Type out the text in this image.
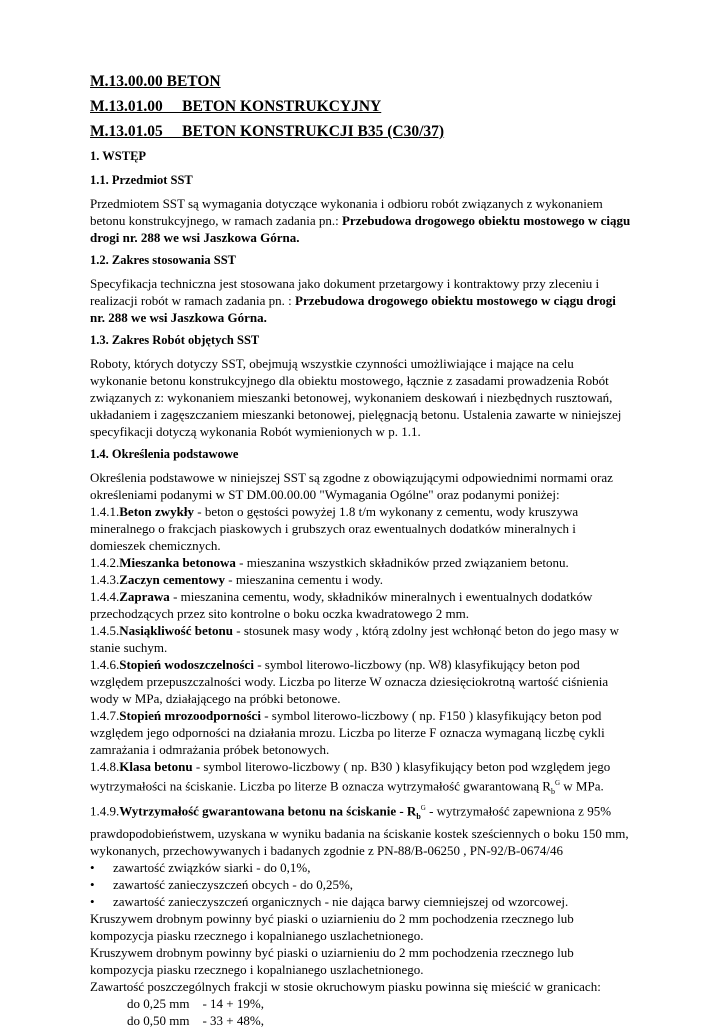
M.13.00.00 BETON
M.13.01.00     BETON KONSTRUKCYJNY
M.13.01.05     BETON KONSTRUKCJI B35 (C30/37)
1. WSTĘP
1.1. Przedmiot SST

Przedmiotem SST są wymagania dotyczące wykonania i odbioru robót związanych z wykonaniem betonu konstrukcyjnego, w ramach zadania pn.: Przebudowa drogowego obiektu mostowego w ciągu drogi nr. 288 we wsi Jaszkowa Górna.

1.2. Zakres stosowania SST

Specyfikacja techniczna jest stosowana jako dokument przetargowy i kontraktowy przy zleceniu i realizacji robót w ramach zadania pn. : Przebudowa drogowego obiektu mostowego w ciągu drogi nr. 288 we wsi Jaszkowa Górna.

1.3. Zakres Robót objętych SST

Roboty, których dotyczy SST, obejmują wszystkie czynności umożliwiające i mające na celu wykonanie betonu konstrukcyjnego dla obiektu mostowego, łącznie z zasadami prowadzenia Robót związanych z: wykonaniem mieszanki betonowej, wykonaniem deskowań i niezbędnych rusztowań, układaniem i zagęszczaniem mieszanki betonowej, pielęgnacją betonu. Ustalenia zawarte w niniejszej specyfikacji dotyczą wykonania Robót wymienionych w p. 1.1.

1.4. Określenia podstawowe
Określenia podstawowe w niniejszej SST są zgodne z obowiązującymi odpowiednimi normami oraz określeniami podanymi w ST DM.00.00.00 "Wymagania Ogólne" oraz podanymi poniżej:
1.4.1.Beton zwykły - beton o gęstości powyżej 1.8 t/m wykonany z cementu, wody kruszywa mineralnego o frakcjach piaskowych i grubszych oraz ewentualnych dodatków mineralnych i domieszek chemicznych.
1.4.2.Mieszanka betonowa - mieszanina wszystkich składników przed związaniem betonu.
1.4.3.Zaczyn cementowy - mieszanina cementu i wody.
1.4.4.Zaprawa - mieszanina cementu, wody, składników mineralnych i ewentualnych dodatków przechodzących przez sito kontrolne o boku oczka kwadratowego 2 mm.
1.4.5.Nasiąkliwość betonu - stosunek masy wody , którą zdolny jest wchłonąć beton do jego masy w stanie suchym.
1.4.6.Stopień wodoszczelności - symbol literowo-liczbowy (np. W8) klasyfikujący beton pod względem przepuszczalności wody. Liczba po literze W oznacza dziesięciokrotną wartość ciśnienia wody w MPa, działającego na próbki betonowe.
1.4.7.Stopień mrozoodporności - symbol literowo-liczbowy ( np. F150 ) klasyfikujący beton pod względem jego odporności na działania mrozu. Liczba po literze F oznacza wymaganą liczbę cykli zamrażania i odmrażania próbek betonowych.
1.4.8.Klasa betonu - symbol literowo-liczbowy ( np. B30 ) klasyfikujący beton pod względem jego wytrzymałości na ściskanie. Liczba po literze B oznacza wytrzymałość gwarantowaną $R_b^G$ w MPa.
1.4.9.Wytrzymałość gwarantowana betonu na ściskanie - $R_b^G$ - wytrzymałość zapewniona z 95% prawdopodobieństwem, uzyskana w wyniku badania na ściskanie kostek sześciennych o boku 150 mm, wykonanych, przechowywanych i badanych zgodnie z PN-88/B-06250 , PN-92/B-0674/46
• zawartość związków siarki - do 0,1%,
• zawartość zanieczyszczeń obcych - do 0,25%,
• zawartość zanieczyszczeń organicznych - nie dająca barwy ciemniejszej od wzorcowej.
Kruszywem drobnym powinny być piaski o uziarnieniu do 2 mm pochodzenia rzecznego lub kompozycja piasku rzecznego i kopalnianego uszlachetnionego.
Kruszywem drobnym powinny być piaski o uziarnieniu do 2 mm pochodzenia rzecznego lub kompozycja piasku rzecznego i kopalnianego uszlachetnionego.
Zawartość poszczególnych frakcji w stosie okruchowym piasku powinna się mieścić w granicach:
do 0,25 mm    - 14 + 19%,
do 0,50 mm    - 33 + 48%,
